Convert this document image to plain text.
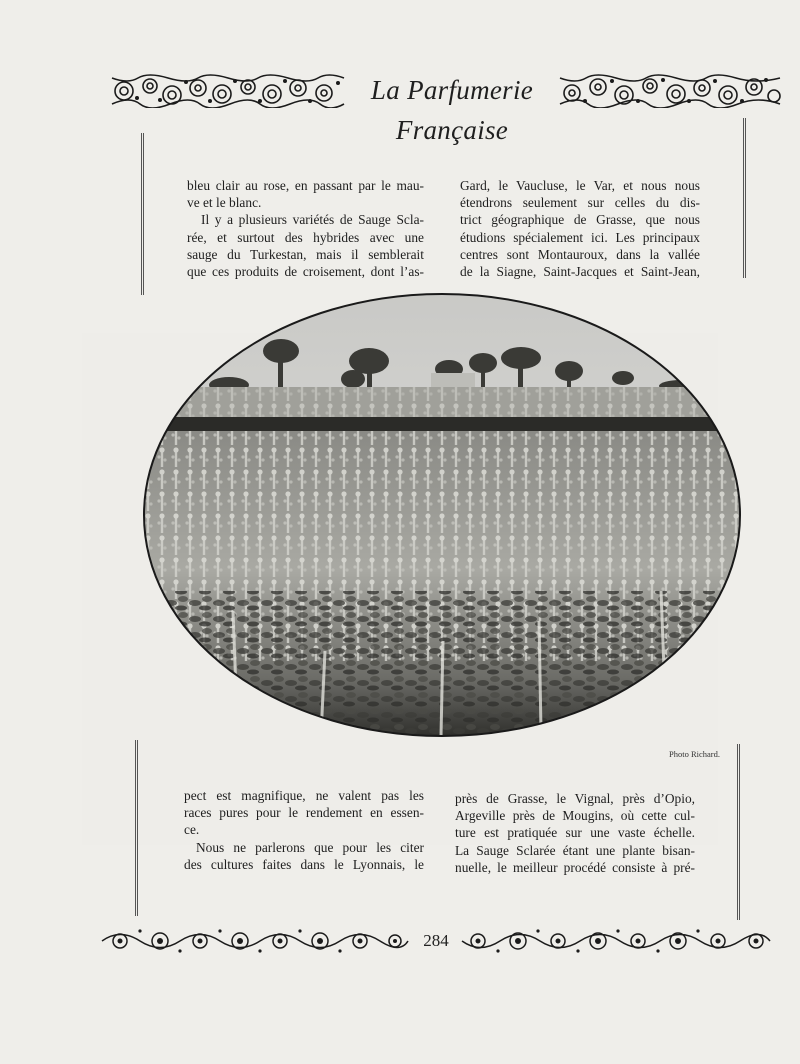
La Parfumerie Française
bleu clair au rose, en passant par le mau-
ve et le blanc.
Il y a plusieurs variétés de Sauge Scla-
rée, et surtout des hybrides avec une
sauge du Turkestan, mais il semblerait
que ces produits de croisement, dont l’as-
Gard, le Vaucluse, le Var, et nous nous
étendrons seulement sur celles du dis-
trict géographique de Grasse, que nous
étudions spécialement ici. Les principaux
centres sont Montauroux, dans la vallée
de la Siagne, Saint-Jacques et Saint-Jean,
Photo Richard.
pect est magnifique, ne valent pas les
races pures pour le rendement en essen-
ce.
Nous ne parlerons que pour les citer
des cultures faites dans le Lyonnais, le
près de Grasse, le Vignal, près d’Opio,
Argeville près de Mougins, où cette cul-
ture est pratiquée sur une vaste échelle.
La Sauge Sclarée étant une plante bisan-
nuelle, le meilleur procédé consiste à pré-
284
